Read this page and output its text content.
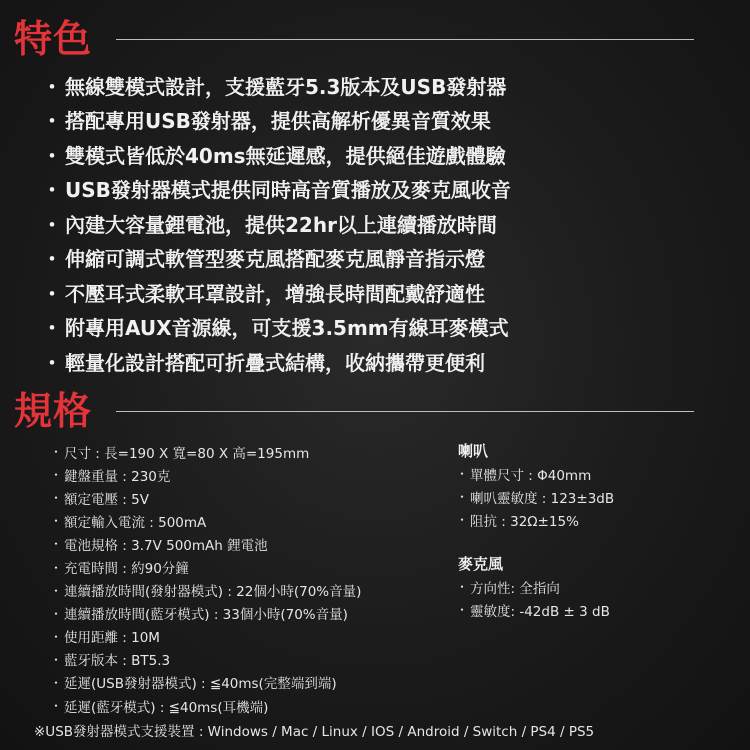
特色
・ 無線雙模式設計，支援藍牙5.3版本及USB發射器
・ 搭配專用USB發射器，提供高解析優異音質效果
・ 雙模式皆低於40ms無延遲感，提供絕佳遊戲體驗
・ USB發射器模式提供同時高音質播放及麥克風收音
・ 內建大容量鋰電池，提供22hr以上連續播放時間
・ 伸縮可調式軟管型麥克風搭配麥克風靜音指示燈
・ 不壓耳式柔軟耳罩設計，增強長時間配戴舒適性
・ 附專用AUX音源線，可支援3.5mm有線耳麥模式
・ 輕量化設計搭配可折疊式結構，收納攜帶更便利
規格
・ 尺寸 : 長=190 X 寬=80 X 高=195mm
・ 鍵盤重量 : 230克
・ 額定電壓 : 5V
・ 額定輸入電流 : 500mA
・ 電池規格 : 3.7V 500mAh 鋰電池
・ 充電時間 : 約90分鐘
・ 連續播放時間(發射器模式) : 22個小時(70%音量)
・ 連續播放時間(藍牙模式) : 33個小時(70%音量)
・ 使用距離 : 10M
・ 藍牙版本 : BT5.3
・ 延遲(USB發射器模式) : ≦40ms(完整端到端)
・ 延遲(藍牙模式) : ≦40ms(耳機端)
喇叭
・ 單體尺寸 : Φ40mm
・ 喇叭靈敏度 : 123±3dB
・ 阻抗 : 32Ω±15%
麥克風
・ 方向性: 全指向
・ 靈敏度: -42dB ± 3 dB
※USB發射器模式支援裝置 : Windows / Mac / Linux / IOS / Android / Switch / PS4 / PS5
